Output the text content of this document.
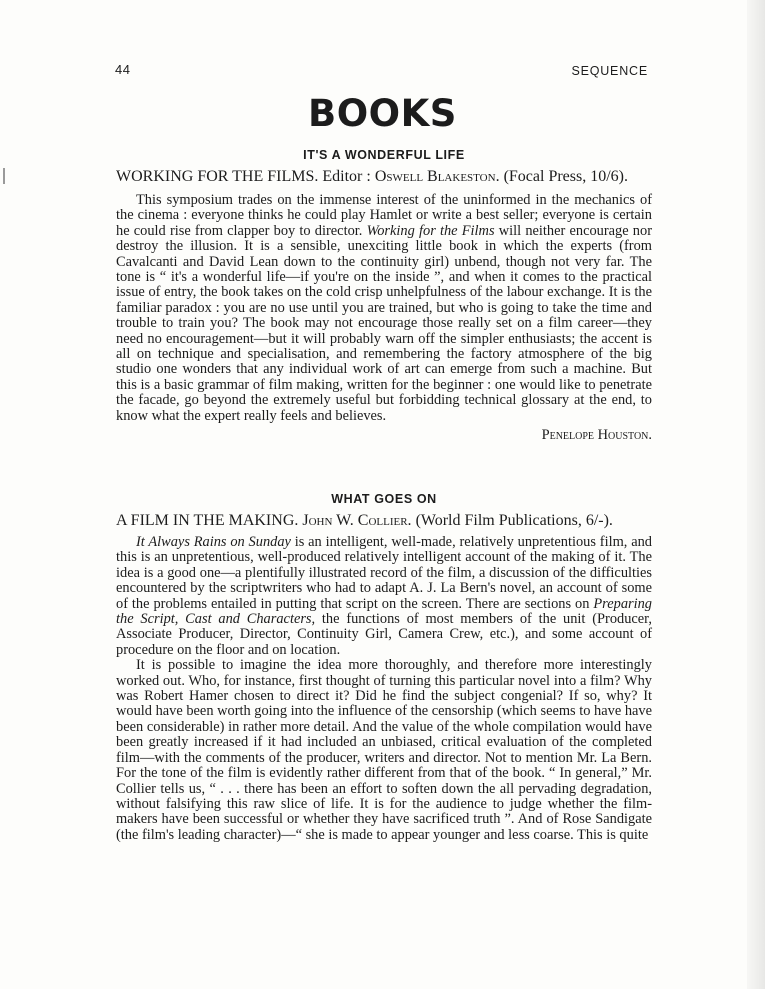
44	SEQUENCE
BOOKS
IT'S A WONDERFUL LIFE

WORKING FOR THE FILMS. Editor : Oswell Blakeston. (Focal Press, 10/6).

This symposium trades on the immense interest of the uninformed in the mechanics of the cinema : everyone thinks he could play Hamlet or write a best seller; everyone is certain he could rise from clapper boy to director. Working for the Films will neither encourage nor destroy the illusion. It is a sensible, unexciting little book in which the experts (from Cavalcanti and David Lean down to the continuity girl) unbend, though not very far. The tone is “ it's a wonderful life—if you're on the inside ”, and when it comes to the practical issue of entry, the book takes on the cold crisp unhelpfulness of the labour exchange. It is the familiar paradox : you are no use until you are trained, but who is going to take the time and trouble to train you? The book may not encourage those really set on a film career—they need no encouragement—but it will probably warn off the simpler enthusiasts; the accent is all on technique and specialisation, and remembering the factory atmosphere of the big studio one wonders that any individual work of art can emerge from such a machine. But this is a basic grammar of film making, written for the beginner : one would like to penetrate the facade, go beyond the extremely useful but forbidding technical glossary at the end, to know what the expert really feels and believes.

Penelope Houston.

WHAT GOES ON

A FILM IN THE MAKING. John W. Collier. (World Film Publications, 6/-).

It Always Rains on Sunday is an intelligent, well-made, relatively unpretentious film, and this is an unpretentious, well-produced relatively intelligent account of the making of it. The idea is a good one—a plentifully illustrated record of the film, a discussion of the difficulties encountered by the scriptwriters who had to adapt A. J. La Bern's novel, an account of some of the problems entailed in putting that script on the screen. There are sections on Preparing the Script, Cast and Characters, the functions of most members of the unit (Producer, Associate Producer, Director, Continuity Girl, Camera Crew, etc.), and some account of procedure on the floor and on location.

It is possible to imagine the idea more thoroughly, and therefore more interestingly worked out. Who, for instance, first thought of turning this particular novel into a film? Why was Robert Hamer chosen to direct it? Did he find the subject congenial? If so, why? It would have been worth going into the influence of the censorship (which seems to have have been considerable) in rather more detail. And the value of the whole compilation would have been greatly increased if it had included an unbiased, critical evaluation of the completed film—with the comments of the producer, writers and director. Not to mention Mr. La Bern. For the tone of the film is evidently rather different from that of the book. “ In general,” Mr. Collier tells us, “ . . . there has been an effort to soften down the all pervading degradation, without falsifying this raw slice of life. It is for the audience to judge whether the film-makers have been successful or whether they have sacrificed truth ”. And of Rose Sandigate (the film's leading character)—“ she is made to appear younger and less coarse. This is quite
